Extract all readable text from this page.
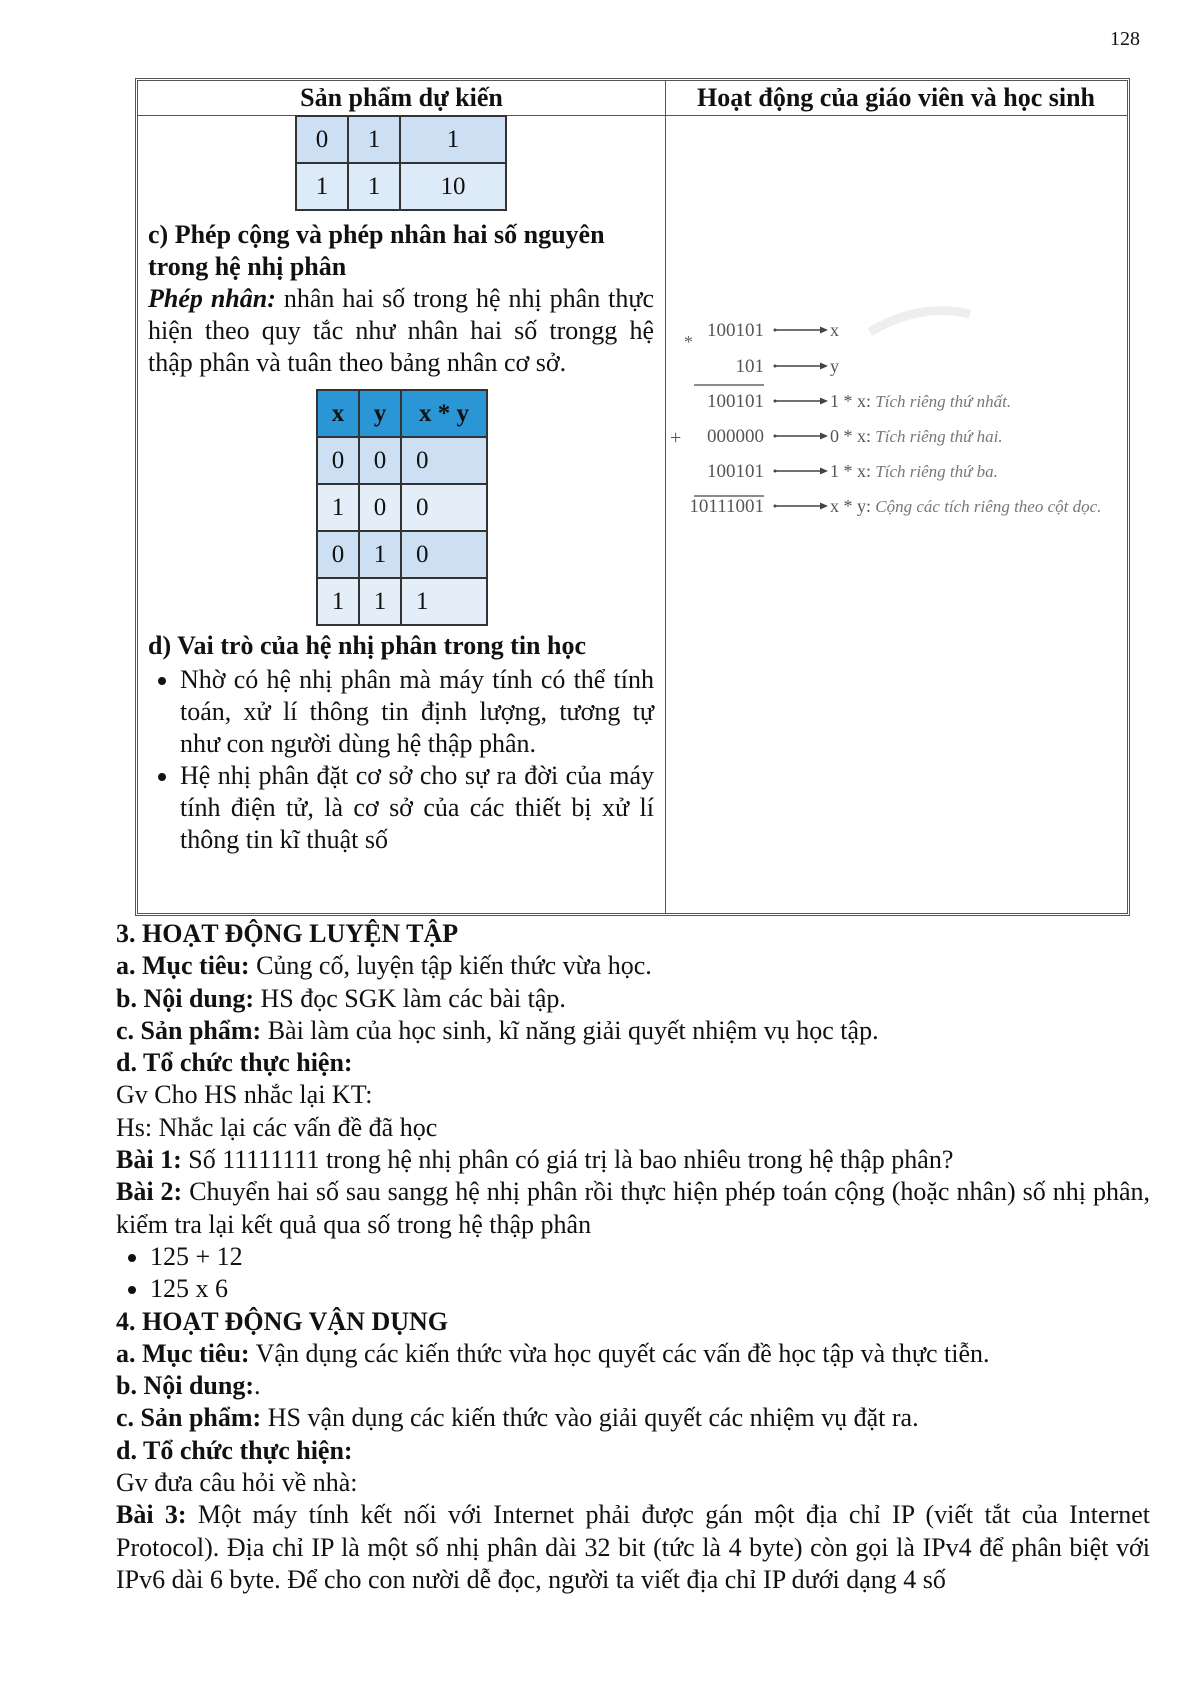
128
Sản phẩm dự kiến	Hoạt động của giáo viên và học sinh
0	1	1
1	1	10
c) Phép cộng và phép nhân hai số nguyên trong hệ nhị phân
Phép nhân: nhân hai số trong hệ nhị phân thực hiện theo quy tắc như nhân hai số trongg hệ thập phân và tuân theo bảng nhân cơ sở.
x	y	x * y
0	0	0
1	0	0
0	1	0
1	1	1
d) Vai trò của hệ nhị phân trong tin học
• Nhờ có hệ nhị phân mà máy tính có thể tính toán, xử lí thông tin định lượng, tương tự như con người dùng hệ thập phân.
• Hệ nhị phân đặt cơ sở cho sự ra đời của máy tính điện tử, là cơ sở của các thiết bị xử lí thông tin kĩ thuật số
*
+
100101	x
101	y
100101	1 * x: Tích riêng thứ nhất.
000000	0 * x: Tích riêng thứ hai.
100101	1 * x: Tích riêng thứ ba.
10111001	x * y: Cộng các tích riêng theo cột dọc.

3. HOẠT ĐỘNG LUYỆN TẬP

a. Mục tiêu: Củng cố, luyện tập kiến thức vừa học.

b. Nội dung: HS đọc SGK làm các bài tập.

c. Sản phẩm: Bài làm của học sinh, kĩ năng giải quyết nhiệm vụ học tập.

d. Tổ chức thực hiện:

Gv Cho HS nhắc lại KT:

Hs: Nhắc lại các vấn đề đã học

Bài 1: Số 11111111 trong hệ nhị phân có giá trị là bao nhiêu trong hệ thập phân?

Bài 2: Chuyển hai số sau sangg hệ nhị phân rồi thực hiện phép toán cộng (hoặc nhân) số nhị phân, kiểm tra lại kết quả qua số trong hệ thập phân

• 125 + 12
• 125 x 6

4. HOẠT ĐỘNG VẬN DỤNG

a. Mục tiêu: Vận dụng các kiến thức vừa học quyết các vấn đề học tập và thực tiễn.

b. Nội dung:.

c. Sản phẩm: HS vận dụng các kiến thức vào giải quyết các nhiệm vụ đặt ra.

d. Tổ chức thực hiện:

Gv đưa câu hỏi về nhà:

Bài 3: Một máy tính kết nối với Internet phải được gán một địa chỉ IP (viết tắt của Internet Protocol). Địa chỉ IP là một số nhị phân dài 32 bit (tức là 4 byte) còn gọi là IPv4 để phân biệt với IPv6 dài 6 byte. Để cho con nười dễ đọc, người ta viết địa chỉ IP dưới dạng 4 số
